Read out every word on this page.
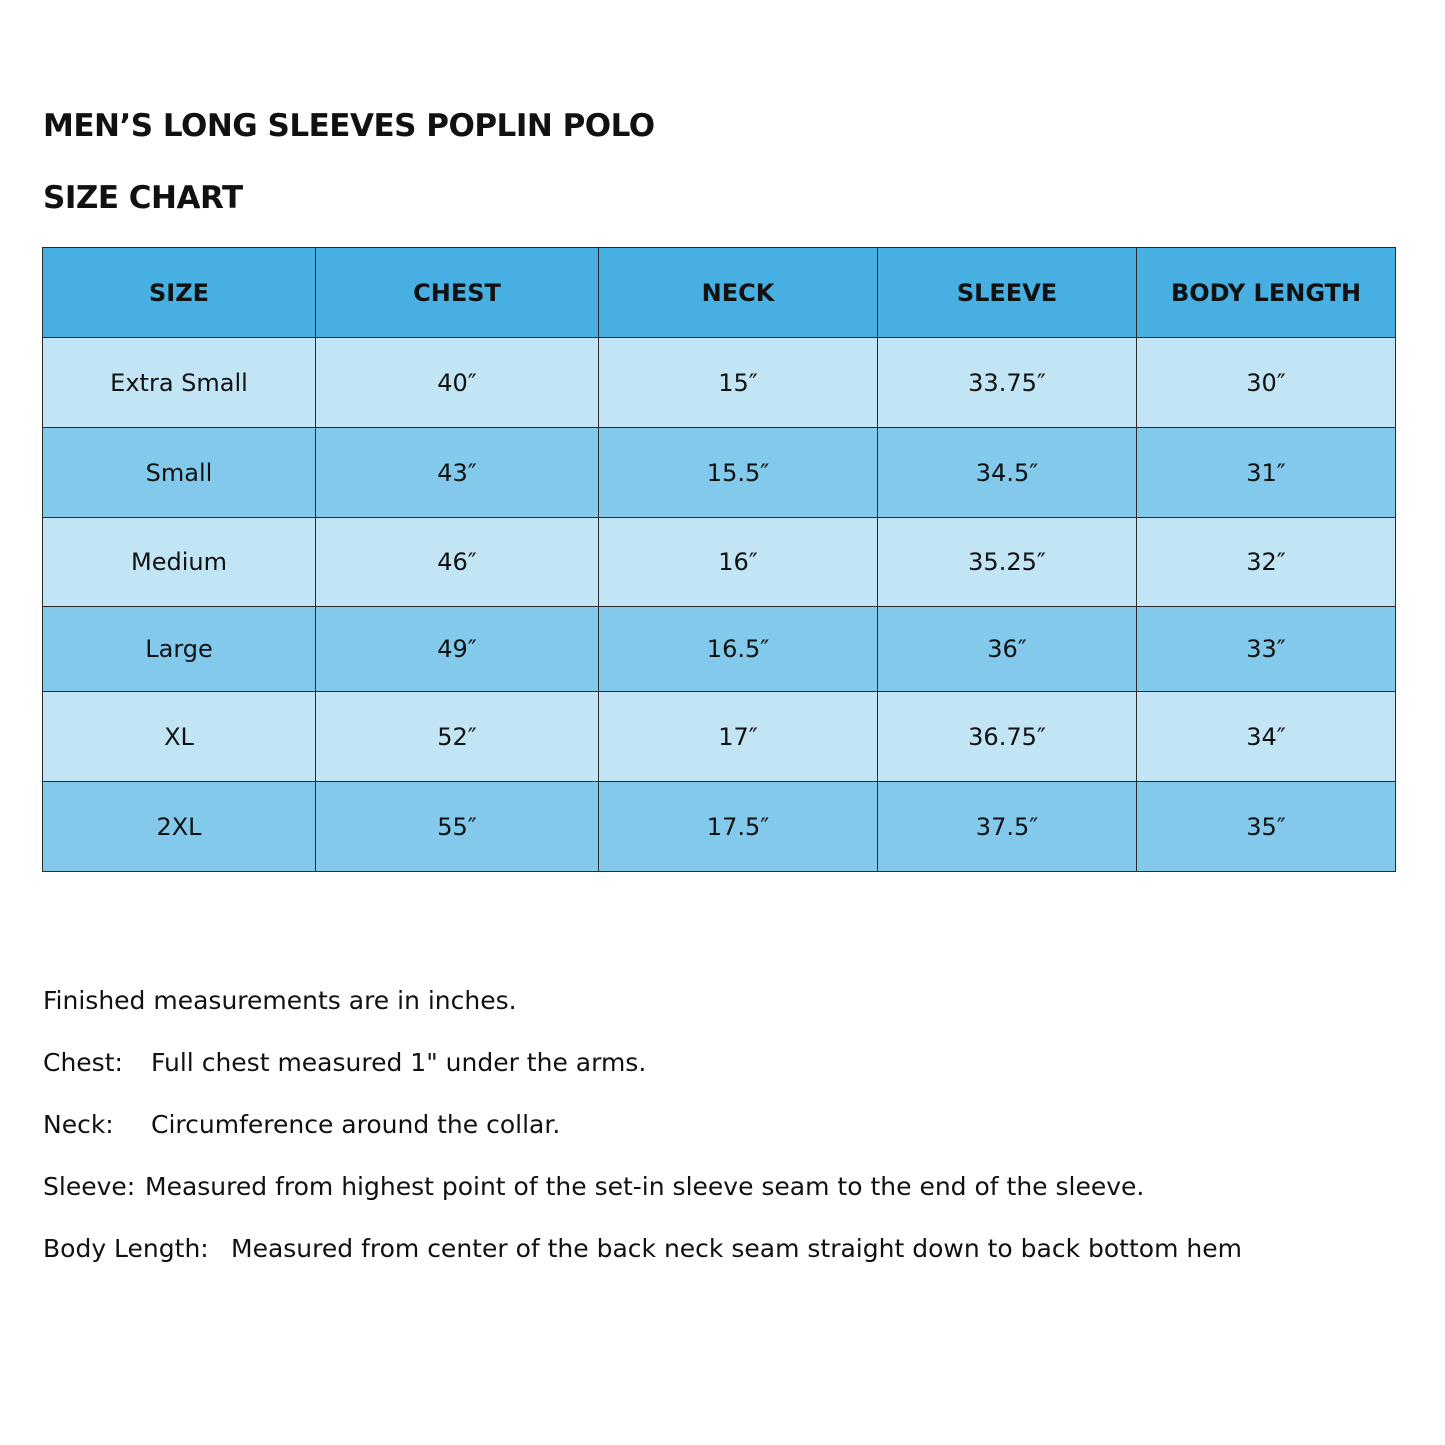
MEN’S LONG SLEEVES POPLIN POLO
SIZE CHART
SIZE	CHEST	NECK	SLEEVE	BODY LENGTH
Extra Small	40″	15″	33.75″	30″
Small	43″	15.5″	34.5″	31″
Medium	46″	16″	35.25″	32″
Large	49″	16.5″	36″	33″
XL	52″	17″	36.75″	34″
2XL	55″	17.5″	37.5″	35″
Finished measurements are in inches.
Chest: Full chest measured 1" under the arms.
Neck: Circumference around the collar.
Sleeve: Measured from highest point of the set-in sleeve seam to the end of the sleeve.
Body Length: Measured from center of the back neck seam straight down to back bottom hem
